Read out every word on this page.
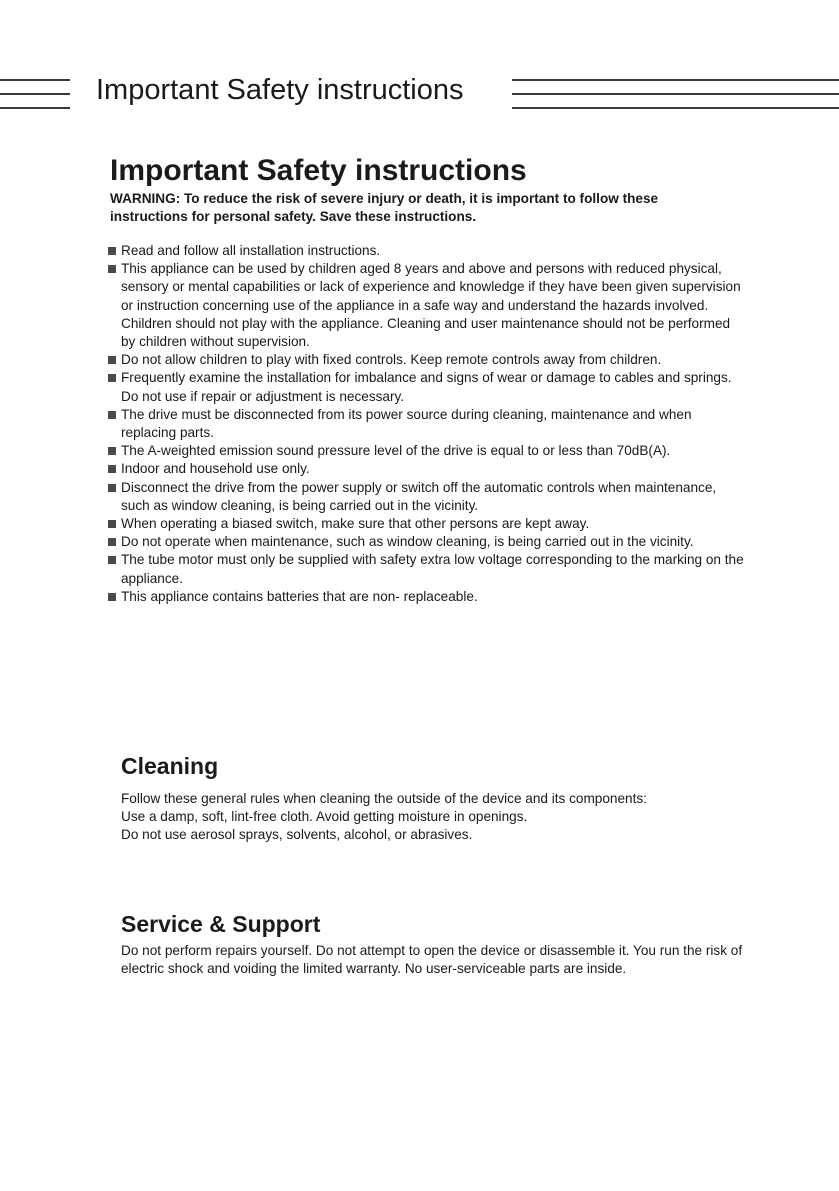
Important Safety instructions
Important Safety instructions
WARNING: To reduce the risk of severe injury or death, it is important to follow these instructions for personal safety. Save these instructions.
Read and follow all installation instructions.
This appliance can be used by children aged 8 years and above and persons with reduced physical, sensory or mental capabilities or lack of experience and knowledge if they have been given supervision or instruction concerning use of the appliance in a safe way and understand the hazards involved. Children should not play with the appliance. Cleaning and user maintenance should not be performed by children without supervision.
Do not allow children to play with fixed controls. Keep remote controls away from children.
Frequently examine the installation for imbalance and signs of wear or damage to cables and springs. Do not use if repair or adjustment is necessary.
The drive must be disconnected from its power source during cleaning, maintenance and when replacing parts.
The A-weighted emission sound pressure level of the drive is equal to or less than 70dB(A).
Indoor and household use only.
Disconnect the drive from the power supply or switch off the automatic controls when maintenance, such as window cleaning, is being carried out in the vicinity.
When operating a biased switch, make sure that other persons are kept away.
Do not operate when maintenance, such as window cleaning, is being carried out in the vicinity.
The tube motor must only be supplied with safety extra low voltage corresponding to the marking on the appliance.
This appliance contains batteries that are non- replaceable.
Cleaning

Follow these general rules when cleaning the outside of the device and its components:
Use a damp, soft, lint-free cloth. Avoid getting moisture in openings.
Do not use aerosol sprays, solvents, alcohol, or abrasives.

Service & Support

Do not perform repairs yourself. Do not attempt to open the device or disassemble it. You run the risk of electric shock and voiding the limited warranty. No user-serviceable parts are inside.
